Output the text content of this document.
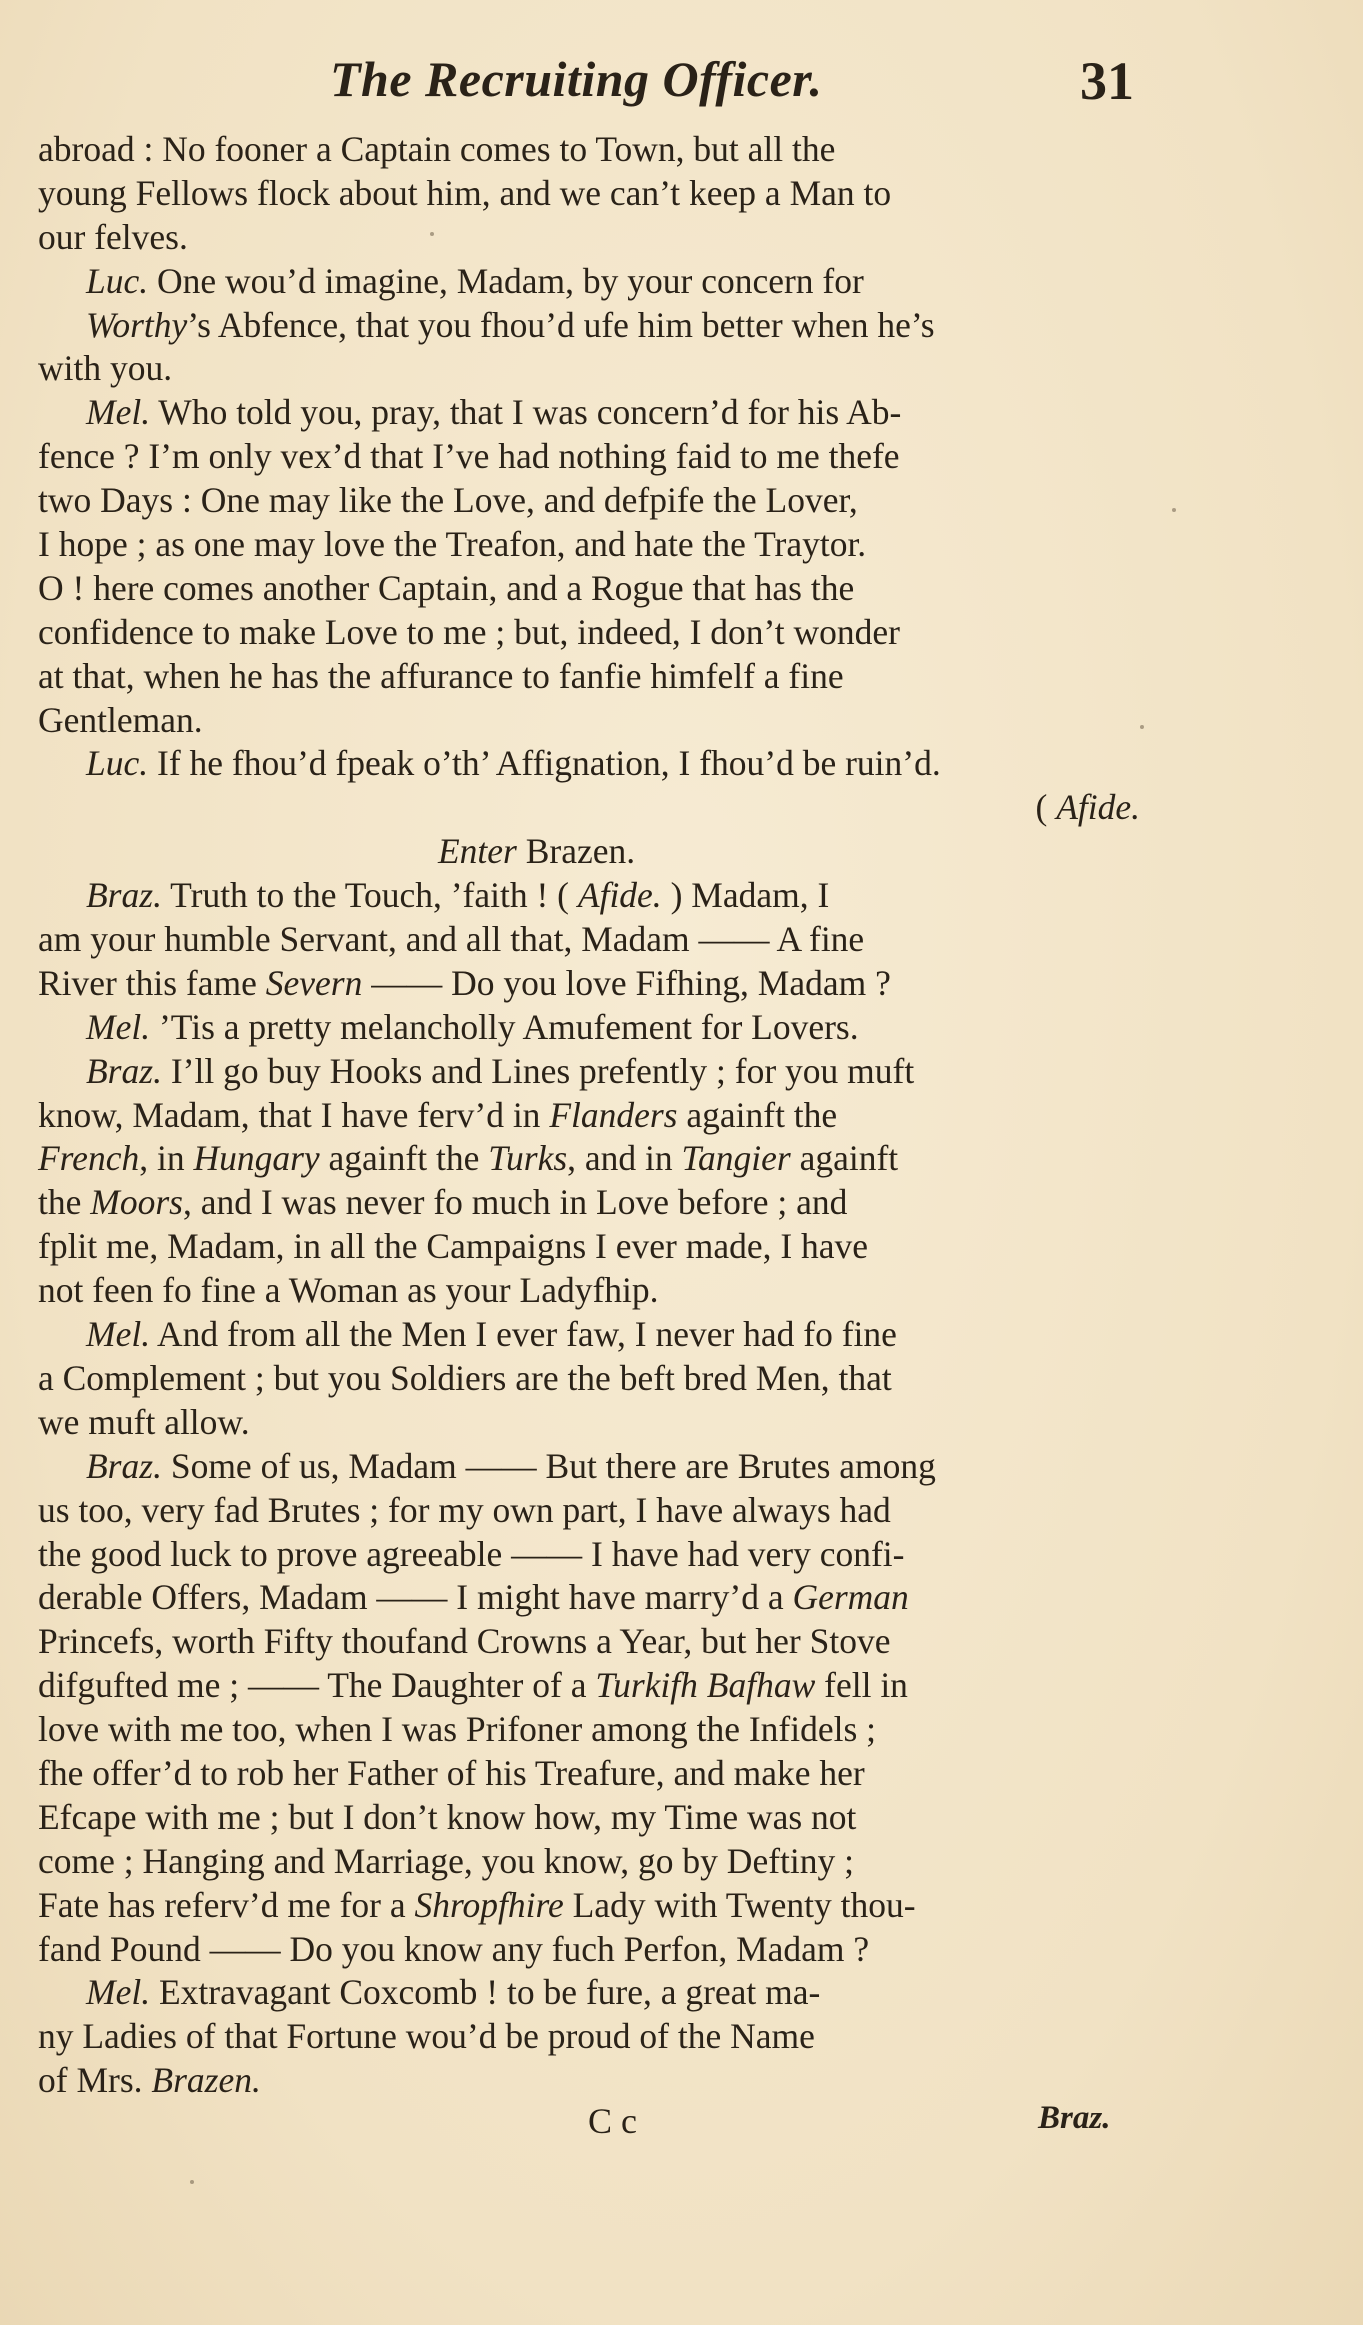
The Recruiting Officer.	31
abroad : No fooner a Captain comes to Town, but all the
young Fellows flock about him, and we can’t keep a Man to
our felves.
Luc. One wou’d imagine, Madam, by your concern for
Worthy’s Abfence, that you fhou’d ufe him better when he’s
with you.
Mel. Who told you, pray, that I was concern’d for his Ab-
fence ? I’m only vex’d that I’ve had nothing faid to me thefe
two Days : One may like the Love, and defpife the Lover,
I hope ; as one may love the Treafon, and hate the Traytor.
O ! here comes another Captain, and a Rogue that has the
confidence to make Love to me ; but, indeed, I don’t wonder
at that, when he has the affurance to fanfie himfelf a fine
Gentleman.
Luc. If he fhou’d fpeak o’th’ Affignation, I fhou’d be ruin’d.
( Afide.
Enter Brazen.
Braz. Truth to the Touch, ’faith ! ( Afide. ) Madam, I
am your humble Servant, and all that, Madam —— A fine
River this fame Severn —— Do you love Fifhing, Madam ?
Mel. ’Tis a pretty melancholly Amufement for Lovers.
Braz. I’ll go buy Hooks and Lines prefently ; for you muft
know, Madam, that I have ferv’d in Flanders againft the
French, in Hungary againft the Turks, and in Tangier againft
the Moors, and I was never fo much in Love before ; and
fplit me, Madam, in all the Campaigns I ever made, I have
not feen fo fine a Woman as your Ladyfhip.
Mel. And from all the Men I ever faw, I never had fo fine
a Complement ; but you Soldiers are the beft bred Men, that
we muft allow.
Braz. Some of us, Madam —— But there are Brutes among
us too, very fad Brutes ; for my own part, I have always had
the good luck to prove agreeable —— I have had very confi-
derable Offers, Madam —— I might have marry’d a German
Princefs, worth Fifty thoufand Crowns a Year, but her Stove
difgufted me ; —— The Daughter of a Turkifh Bafhaw fell in
love with me too, when I was Prifoner among the Infidels ;
fhe offer’d to rob her Father of his Treafure, and make her
Efcape with me ; but I don’t know how, my Time was not
come ; Hanging and Marriage, you know, go by Deftiny ;
Fate has referv’d me for a Shropfhire Lady with Twenty thou-
fand Pound —— Do you know any fuch Perfon, Madam ?
Mel. Extravagant Coxcomb ! to be fure, a great ma-
ny Ladies of that Fortune wou’d be proud of the Name
of Mrs. Brazen.
C c	Braz.
